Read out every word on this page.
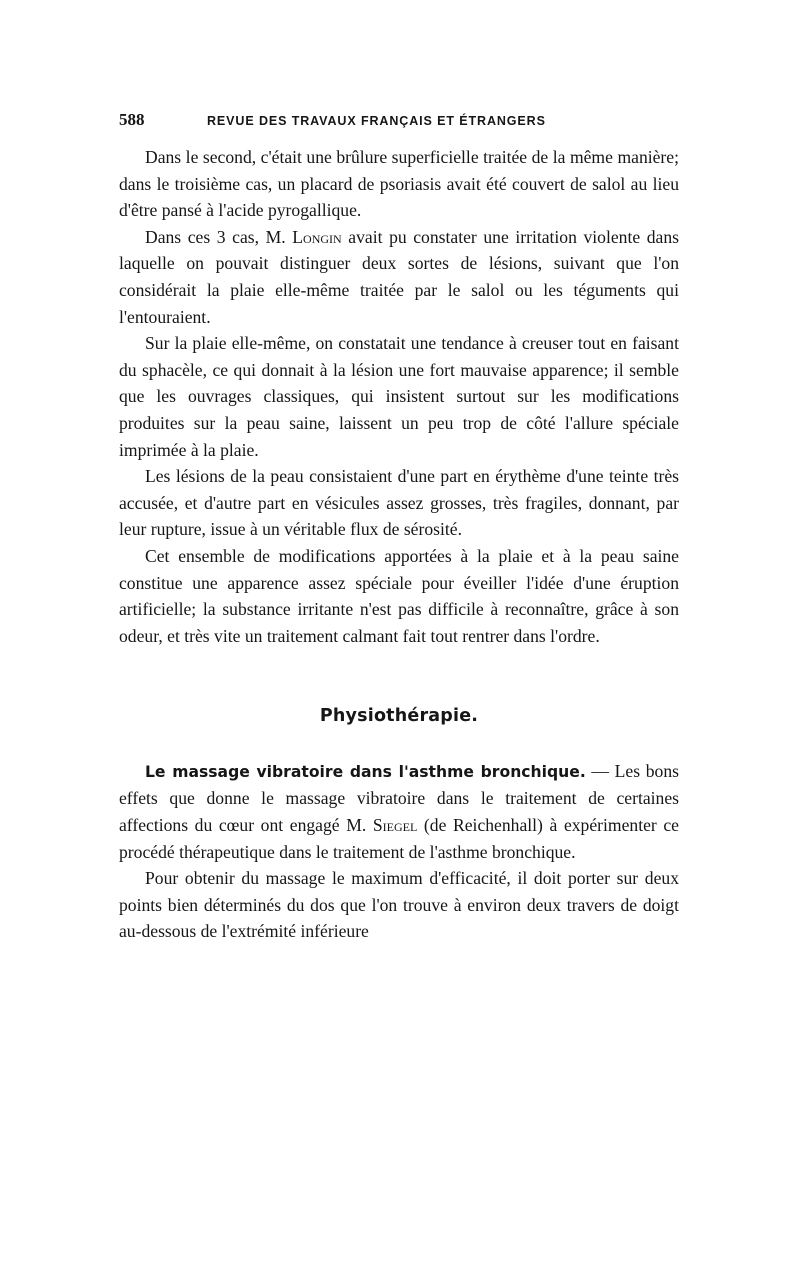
588	REVUE DES TRAVAUX FRANÇAIS ET ÉTRANGERS

Dans le second, c'était une brûlure superficielle traitée de la même manière; dans le troisième cas, un placard de psoriasis avait été couvert de salol au lieu d'être pansé à l'acide pyrogallique.

Dans ces 3 cas, M. Longin avait pu constater une irritation violente dans laquelle on pouvait distinguer deux sortes de lésions, suivant que l'on considérait la plaie elle-même traitée par le salol ou les téguments qui l'entouraient.

Sur la plaie elle-même, on constatait une tendance à creuser tout en faisant du sphacèle, ce qui donnait à la lésion une fort mauvaise apparence; il semble que les ouvrages classiques, qui insistent surtout sur les modifications produites sur la peau saine, laissent un peu trop de côté l'allure spéciale imprimée à la plaie.

Les lésions de la peau consistaient d'une part en érythème d'une teinte très accusée, et d'autre part en vésicules assez grosses, très fragiles, donnant, par leur rupture, issue à un véritable flux de sérosité.

Cet ensemble de modifications apportées à la plaie et à la peau saine constitue une apparence assez spéciale pour éveiller l'idée d'une éruption artificielle; la substance irritante n'est pas difficile à reconnaître, grâce à son odeur, et très vite un traitement calmant fait tout rentrer dans l'ordre.

Physiothérapie.

Le massage vibratoire dans l'asthme bronchique. — Les bons effets que donne le massage vibratoire dans le traitement de certaines affections du cœur ont engagé M. Siegel (de Reichenhall) à expérimenter ce procédé thérapeutique dans le traitement de l'asthme bronchique.

Pour obtenir du massage le maximum d'efficacité, il doit porter sur deux points bien déterminés du dos que l'on trouve à environ deux travers de doigt au-dessous de l'extrémité inférieure
